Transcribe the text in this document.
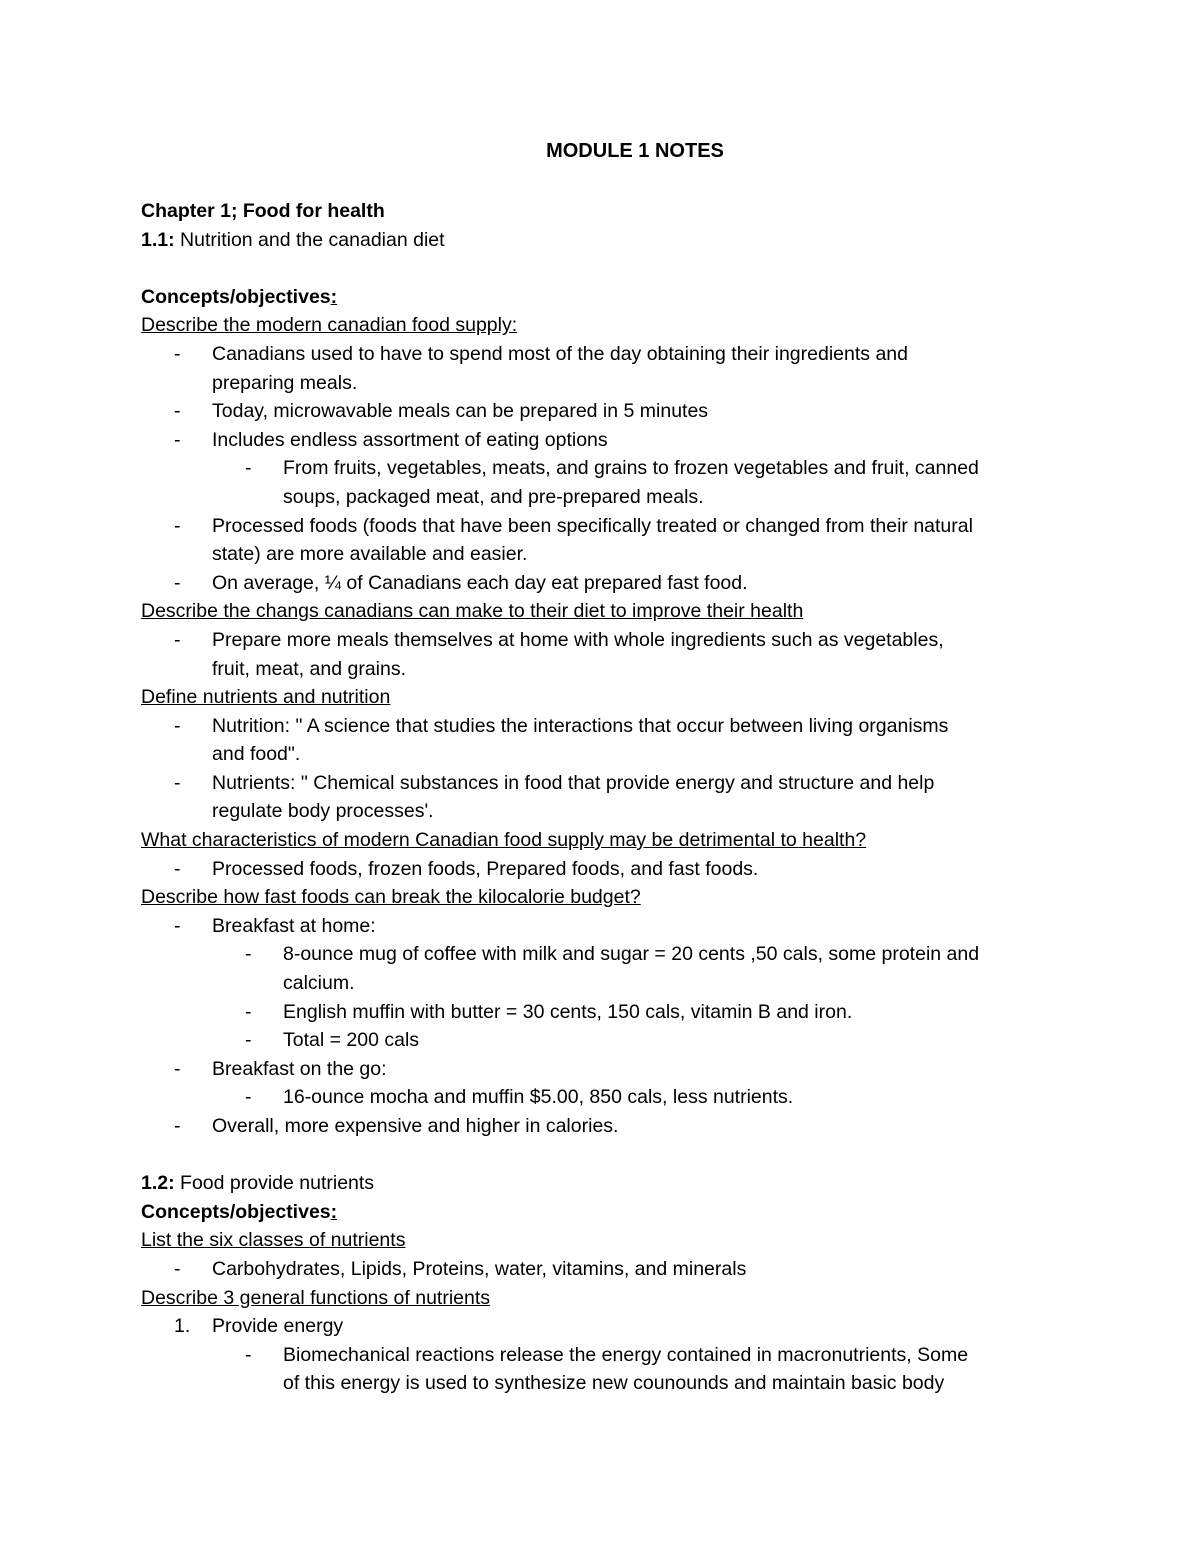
MODULE 1 NOTES
Chapter 1; Food for health
1.1: Nutrition and the canadian diet
Concepts/objectives:
Describe the modern canadian food supply:
- Canadians used to have to spend most of the day obtaining their ingredients and
preparing meals.
- Today, microwavable meals can be prepared in 5 minutes
- Includes endless assortment of eating options
- From fruits, vegetables, meats, and grains to frozen vegetables and fruit, canned
soups, packaged meat, and pre-prepared meals.
- Processed foods (foods that have been specifically treated or changed from their natural
state) are more available and easier.
- On average, ¼ of Canadians each day eat prepared fast food.
Describe the changs canadians can make to their diet to improve their health
- Prepare more meals themselves at home with whole ingredients such as vegetables,
fruit, meat, and grains.
Define nutrients and nutrition
- Nutrition: " A science that studies the interactions that occur between living organisms
and food".
- Nutrients: " Chemical substances in food that provide energy and structure and help
regulate body processes'.
What characteristics of modern Canadian food supply may be detrimental to health?
- Processed foods, frozen foods, Prepared foods, and fast foods.
Describe how fast foods can break the kilocalorie budget?
- Breakfast at home:
- 8-ounce mug of coffee with milk and sugar = 20 cents ,50 cals, some protein and
calcium.
- English muffin with butter = 30 cents, 150 cals, vitamin B and iron.
- Total = 200 cals
- Breakfast on the go:
- 16-ounce mocha and muffin $5.00, 850 cals, less nutrients.
- Overall, more expensive and higher in calories.
1.2: Food provide nutrients
Concepts/objectives:
List the six classes of nutrients
- Carbohydrates, Lipids, Proteins, water, vitamins, and minerals
Describe 3 general functions of nutrients
1. Provide energy
- Biomechanical reactions release the energy contained in macronutrients, Some
of this energy is used to synthesize new counounds and maintain basic body
